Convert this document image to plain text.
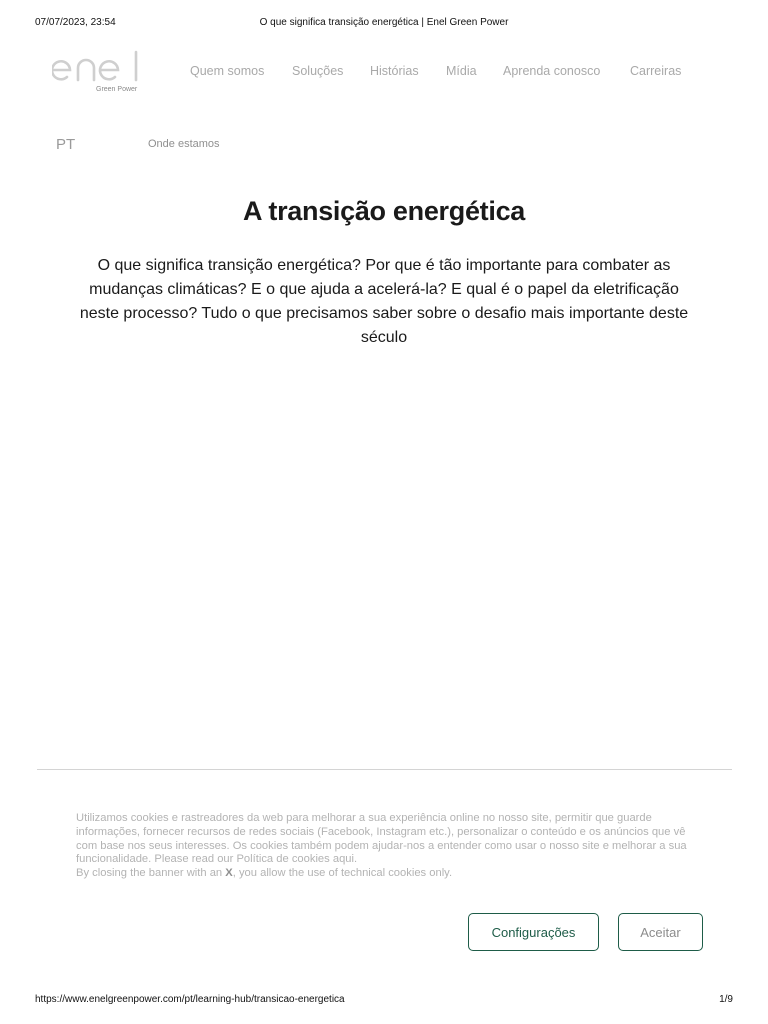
07/07/2023, 23:54	O que significa transição energética | Enel Green Power
Green Power
Quem somos Soluções Histórias Mídia Aprenda conosco Carreiras
PT	Onde estamos
A transição energética

O que significa transição energética? Por que é tão importante para combater as mudanças climáticas? E o que ajuda a acelerá-la? E qual é o papel da eletrificação neste processo? Tudo o que precisamos saber sobre o desafio mais importante deste século

Utilizamos cookies e rastreadores da web para melhorar a sua experiência online no nosso site, permitir que guarde informações, fornecer recursos de redes sociais (Facebook, Instagram etc.), personalizar o conteúdo e os anúncios que vê com base nos seus interesses. Os cookies também podem ajudar-nos a entender como usar o nosso site e melhorar a sua funcionalidade. Please read our Política de cookies aqui.

By closing the banner with an X, you allow the use of technical cookies only.

Configurações	Aceitar
https://www.enelgreenpower.com/pt/learning-hub/transicao-energetica	1/9
